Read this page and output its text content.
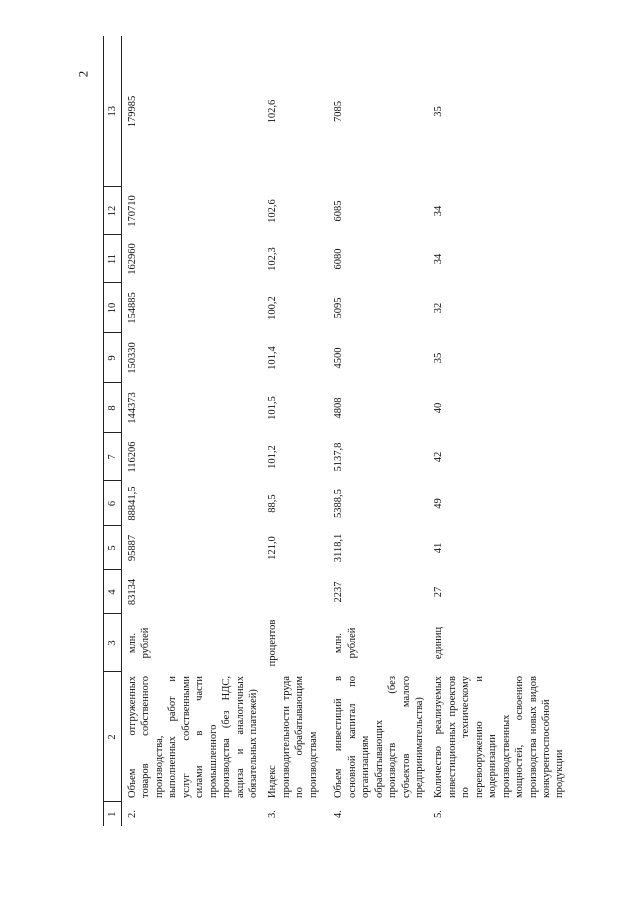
2
1	2	3	4	5	6	7	8	9	10	11	12	13
2.	Объем отгруженных товаров собственного производства, выполненных работ и услуг собственными силами в части промышленного производства (без НДС, акциза и аналогичных обязательных платежей)	млн. рублей	83134	95887	88841,5	116206	144373	150330	154885	162960	170710	179985
3.	Индекс производительности труда по обрабатывающим производствам	процентов		121,0	88,5	101,2	101,5	101,4	100,2	102,3	102,6	102,6
4.	Объем инвестиций в основной капитал по организациям обрабатывающих производств (без субъектов малого предпринимательства)	млн. рублей	2237	3118,1	5388,5	5137,8	4808	4500	5095	6080	6085	7085
5.	Количество реализуемых инвестиционных проектов по техническому перевооружению и модернизации производственных мощностей, освоению производства новых видов конкурентоспособной продукции	единиц	27	41	49	42	40	35	32	34	34	35
